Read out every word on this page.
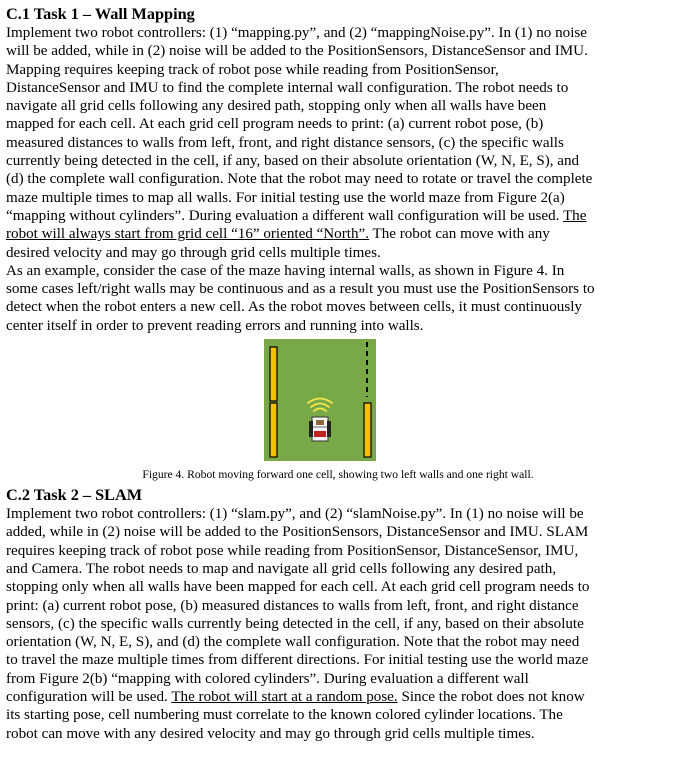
C.1 Task 1 – Wall Mapping

Implement two robot controllers: (1) “mapping.py”, and (2) “mappingNoise.py”. In (1) no noise
will be added, while in (2) noise will be added to the PositionSensors, DistanceSensor and IMU.
Mapping requires keeping track of robot pose while reading from PositionSensor,
DistanceSensor and IMU to find the complete internal wall configuration. The robot needs to
navigate all grid cells following any desired path, stopping only when all walls have been
mapped for each cell. At each grid cell program needs to print: (a) current robot pose, (b)
measured distances to walls from left, front, and right distance sensors, (c) the specific walls
currently being detected in the cell, if any, based on their absolute orientation (W, N, E, S), and
(d) the complete wall configuration. Note that the robot may need to rotate or travel the complete
maze multiple times to map all walls. For initial testing use the world maze from Figure 2(a)
“mapping without cylinders”. During evaluation a different wall configuration will be used. The
robot will always start from grid cell “16” oriented “North”. The robot can move with any
desired velocity and may go through grid cells multiple times.
As an example, consider the case of the maze having internal walls, as shown in Figure 4. In
some cases left/right walls may be continuous and as a result you must use the PositionSensors to
detect when the robot enters a new cell. As the robot moves between cells, it must continuously
center itself in order to prevent reading errors and running into walls.

Figure 4. Robot moving forward one cell, showing two left walls and one right wall.

C.2 Task 2 – SLAM

Implement two robot controllers: (1) “slam.py”, and (2) “slamNoise.py”. In (1) no noise will be
added, while in (2) noise will be added to the PositionSensors, DistanceSensor and IMU. SLAM
requires keeping track of robot pose while reading from PositionSensor, DistanceSensor, IMU,
and Camera. The robot needs to map and navigate all grid cells following any desired path,
stopping only when all walls have been mapped for each cell. At each grid cell program needs to
print: (a) current robot pose, (b) measured distances to walls from left, front, and right distance
sensors, (c) the specific walls currently being detected in the cell, if any, based on their absolute
orientation (W, N, E, S), and (d) the complete wall configuration. Note that the robot may need
to travel the maze multiple times from different directions. For initial testing use the world maze
from Figure 2(b) “mapping with colored cylinders”. During evaluation a different wall
configuration will be used. The robot will start at a random pose. Since the robot does not know
its starting pose, cell numbering must correlate to the known colored cylinder locations. The
robot can move with any desired velocity and may go through grid cells multiple times.
